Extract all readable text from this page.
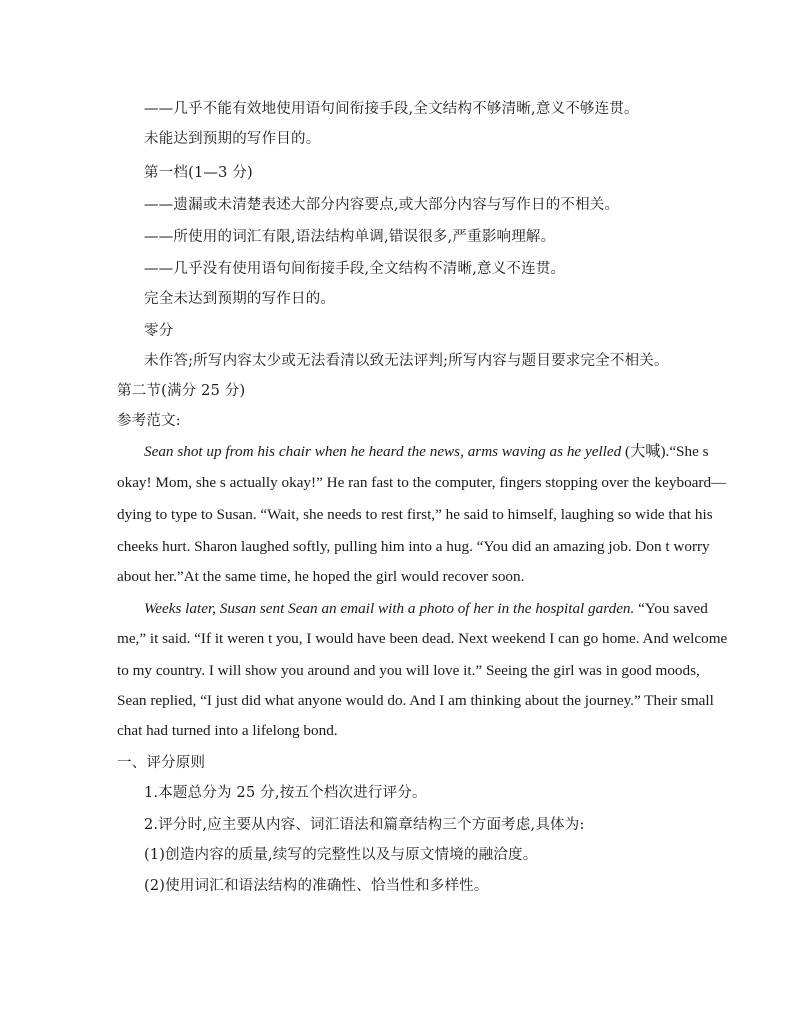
——几乎不能有效地使用语句间衔接手段,全文结构不够清晰,意义不够连贯。
未能达到预期的写作目的。
第一档(1—3 分)
——遗漏或未清楚表述大部分内容要点,或大部分内容与写作日的不相关。
——所使用的词汇有限,语法结构单调,错误很多,严重影响理解。
——几乎没有使用语句间衔接手段,全文结构不清晰,意义不连贯。
完全未达到预期的写作日的。
零分
未作答;所写内容太少或无法看清以致无法评判;所写内容与题目要求完全不相关。
第二节(满分 25 分)
参考范文:
Sean shot up from his chair when he heard the news, arms waving as he yelled (大喊).“She s
okay! Mom, she s actually okay!” He ran fast to the computer, fingers stopping over the keyboard—
dying to type to Susan. “Wait, she needs to rest first,” he said to himself, laughing so wide that his
cheeks hurt. Sharon laughed softly, pulling him into a hug. “You did an amazing job. Don t worry
about her.”At the same time, he hoped the girl would recover soon.
Weeks later, Susan sent Sean an email with a photo of her in the hospital garden. “You saved
me,” it said. “If it weren t you, I would have been dead. Next weekend I can go home. And welcome
to my country. I will show you around and you will love it.” Seeing the girl was in good moods,
Sean replied, “I just did what anyone would do. And I am thinking about the journey.” Their small
chat had turned into a lifelong bond.
一、评分原则
1.本题总分为 25 分,按五个档次进行评分。
2.评分时,应主要从内容、词汇语法和篇章结构三个方面考虑,具体为:
(1)创造内容的质量,续写的完整性以及与原文情境的融洽度。
(2)使用词汇和语法结构的准确性、恰当性和多样性。
